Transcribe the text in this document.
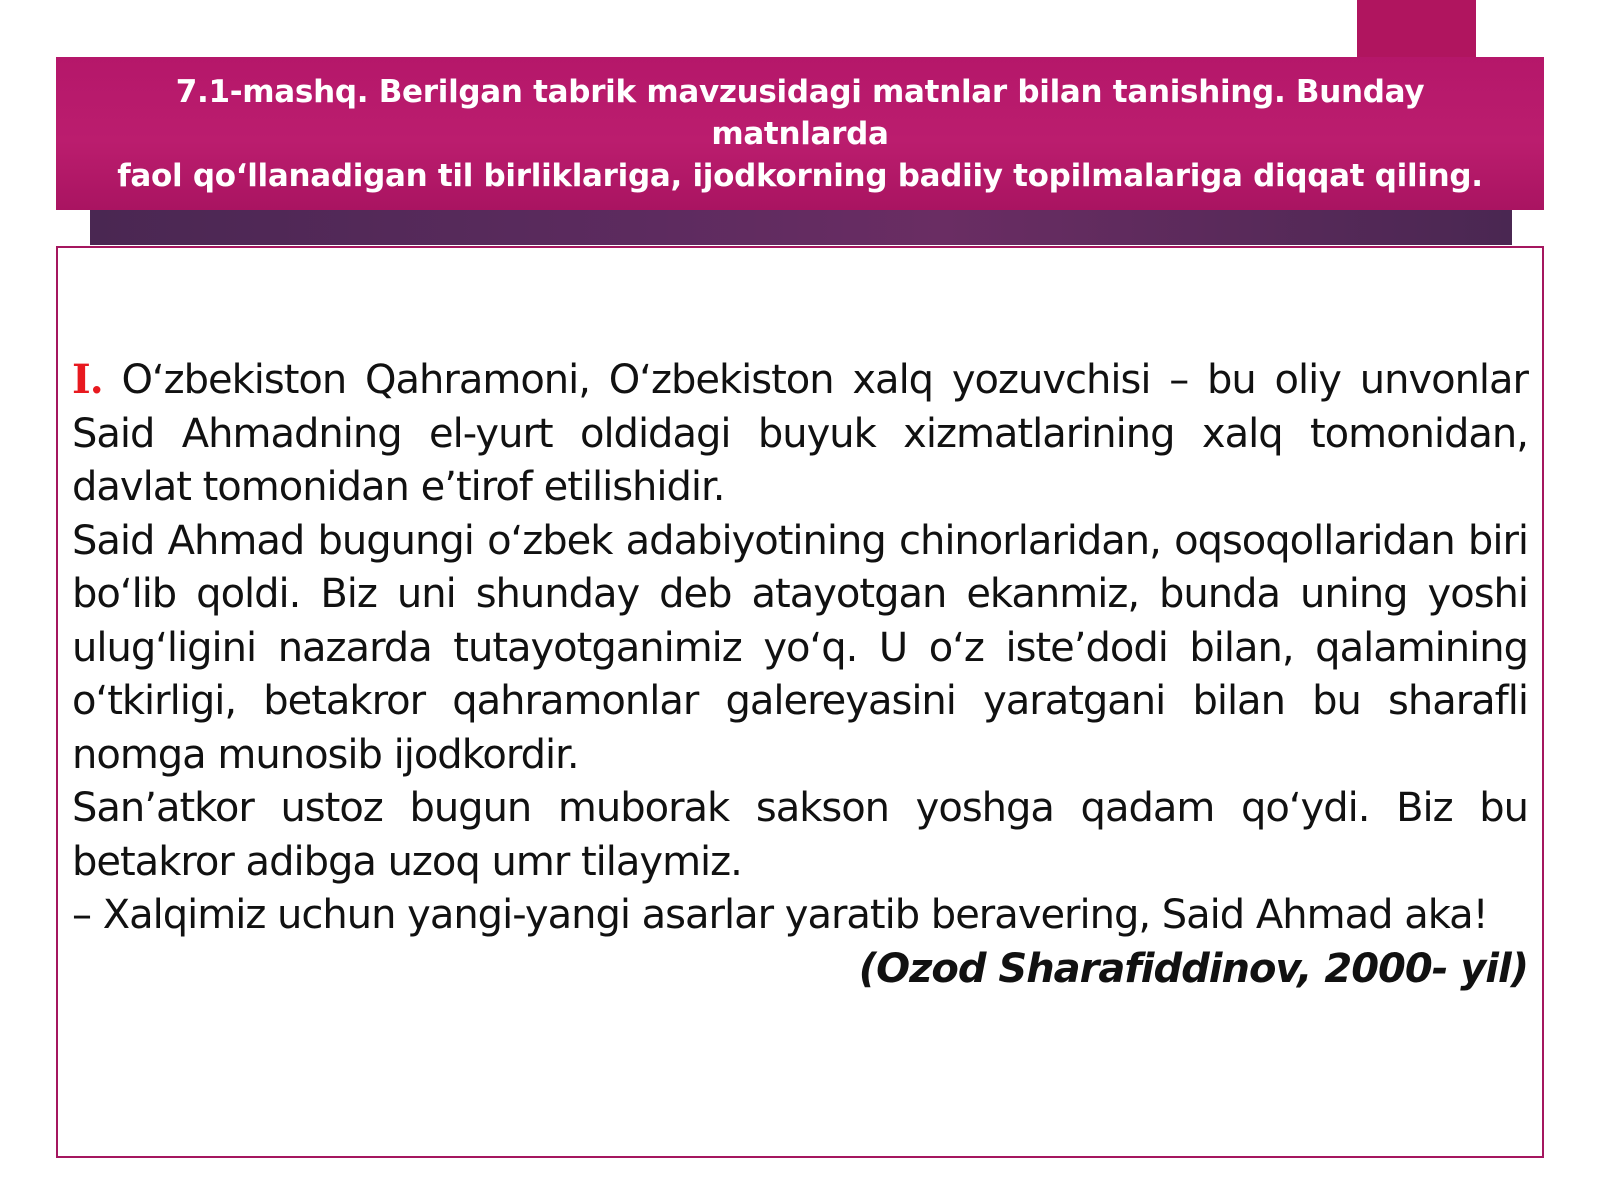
7.1-mashq. Berilgan tabrik mavzusidagi matnlar bilan tanishing. Bunday
matnlarda
faol qo‘llanadigan til birliklariga, ijodkorning badiiy topilmalariga diqqat qiling.

I. O‘zbekiston Qahramoni, O‘zbekiston xalq yozuvchisi – bu oliy unvonlar Said Ahmadning el-yurt oldidagi buyuk xizmatlarining xalq tomonidan, davlat tomonidan e’tirof etilishidir.

Said Ahmad bugungi o‘zbek adabiyotining chinorlaridan, oqsoqollaridan biri bo‘lib qoldi. Biz uni shunday deb atayotgan ekanmiz, bunda uning yoshi ulug‘ligini nazarda tutayotganimiz yo‘q. U o‘z iste’dodi bilan, qalamining o‘tkirligi, betakror qahramonlar galereyasini yaratgani bilan bu sharafli nomga munosib ijodkordir.

San’atkor ustoz bugun muborak sakson yoshga qadam qo‘ydi. Biz bu betakror adibga uzoq umr tilaymiz.

– Xalqimiz uchun yangi-yangi asarlar yaratib beravering, Said Ahmad aka!

(Ozod Sharafiddinov, 2000- yil)
